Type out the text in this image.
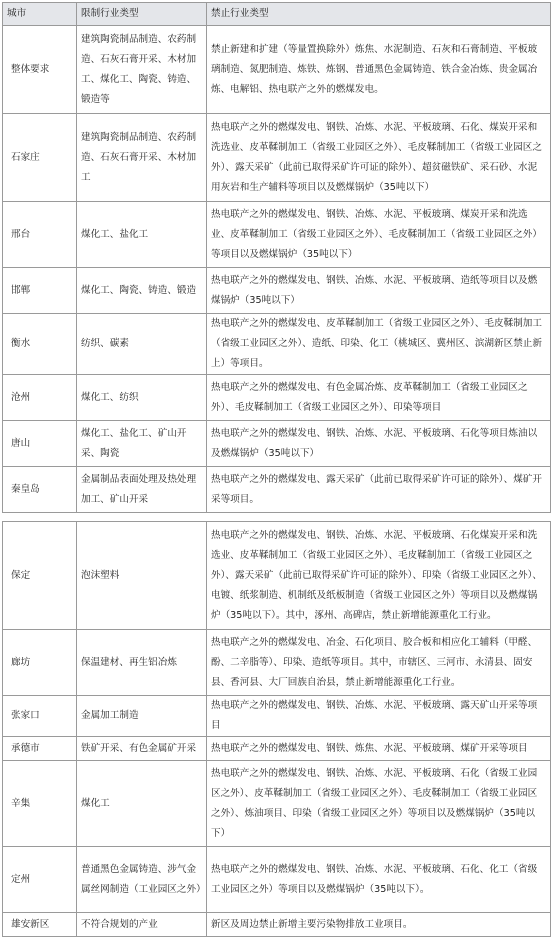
城市	限制行业类型	禁止行业类型
整体要求	建筑陶瓷制品制造、农药制造、石灰石膏开采、木材加工、煤化工、陶瓷、铸造、锻造等	禁止新建和扩建（等量置换除外）炼焦、水泥制造、石灰和石膏制造、平板玻璃制造、氮肥制造、炼铁、炼钢、普通黑色金属铸造、铁合金冶炼、贵金属冶炼、电解铝、热电联产之外的燃煤发电。
石家庄	建筑陶瓷制品制造、农药制造、石灰石膏开采、木材加工	热电联产之外的燃煤发电、钢铁、冶炼、水泥、平板玻璃、石化、煤炭开采和洗选业、皮革鞣制加工（省级工业园区之外）、毛皮鞣制加工（省级工业园区之外）、露天采矿（此前已取得采矿许可证的除外）、超贫磁铁矿、采石砂、水泥用灰岩和生产辅料等项目以及燃煤锅炉（35吨以下）
邢台	煤化工、盐化工	热电联产之外的燃煤发电、钢铁、冶炼、水泥、平板玻璃、煤炭开采和洗选业、皮革鞣制加工（省级工业园区之外）、毛皮鞣制加工（省级工业园区之外）等项目以及燃煤锅炉（35吨以下）
邯郸	煤化工、陶瓷、铸造、锻造	热电联产之外的燃煤发电、钢铁、冶炼、水泥、平板玻璃、造纸等项目以及燃煤锅炉（35吨以下）
衡水	纺织、碳素	热电联产之外的燃煤发电、皮革鞣制加工（省级工业园区之外）、毛皮鞣制加工（省级工业园区之外）、造纸、印染、化工（桃城区、冀州区、滨湖新区禁止新上）等项目。
沧州	煤化工、纺织	热电联产之外的燃煤发电、有色金属冶炼、皮革鞣制加工（省级工业园区之外）、毛皮鞣制加工（省级工业园区之外）、印染等项目
唐山	煤化工、盐化工、矿山开采、陶瓷	热电联产之外的燃煤发电、钢铁、冶炼、水泥、平板玻璃、石化等项目炼油以及燃煤锅炉（35吨以下）
秦皇岛	金属制品表面处理及热处理加工、矿山开采	热电联产之外的燃煤发电、露天采矿（此前已取得采矿许可证的除外）、煤矿开采等项目。

保定	泡沫塑料	热电联产之外的燃煤发电、钢铁、冶炼、水泥、平板玻璃、石化煤炭开采和洗选业、皮革鞣制加工（省级工业园区之外）、毛皮鞣制加工（省级工业园区之外）、露天采矿（此前已取得采矿许可证的除外）、印染（省级工业园区之外）、电镀、纸浆制造、机制纸及纸板制造（省级工业园区之外）等项目以及燃煤锅炉（35吨以下）。其中，涿州、高碑店，禁止新增能源重化工行业。
廊坊	保温建材、再生铝冶炼	热电联产之外的燃煤发电、冶金、石化项目、胶合板和相应化工辅料（甲醛、酚、二辛脂等）、印染、造纸等项目。其中，市辖区、三河市、永清县、固安县、香河县、大厂回族自治县，禁止新增能源重化工行业。
张家口	金属加工制造	热电联产之外的燃煤发电、钢铁、冶炼、水泥、平板玻璃、露天矿山开采等项目
承德市	铁矿开采、有色金属矿开采	热电联产之外的燃煤发电、钢铁、炼焦、水泥、平板玻璃、煤矿开采等项目
辛集	煤化工	热电联产之外的燃煤发电、钢铁、冶炼、水泥、平板玻璃、石化（省级工业园区之外）、皮革鞣制加工（省级工业园区之外）、毛皮鞣制加工（省级工业园区之外）、炼油项目、印染（省级工业园区之外）等项目以及燃煤锅炉（35吨以下）
定州	普通黑色金属铸造、涉气金属丝网制造（工业园区之外）	热电联产之外的燃煤发电、钢铁、冶炼、水泥、平板玻璃、石化、化工（省级工业园区之外）等项目以及燃煤锅炉（35吨以下）。
雄安新区	不符合规划的产业	新区及周边禁止新增主要污染物排放工业项目。
